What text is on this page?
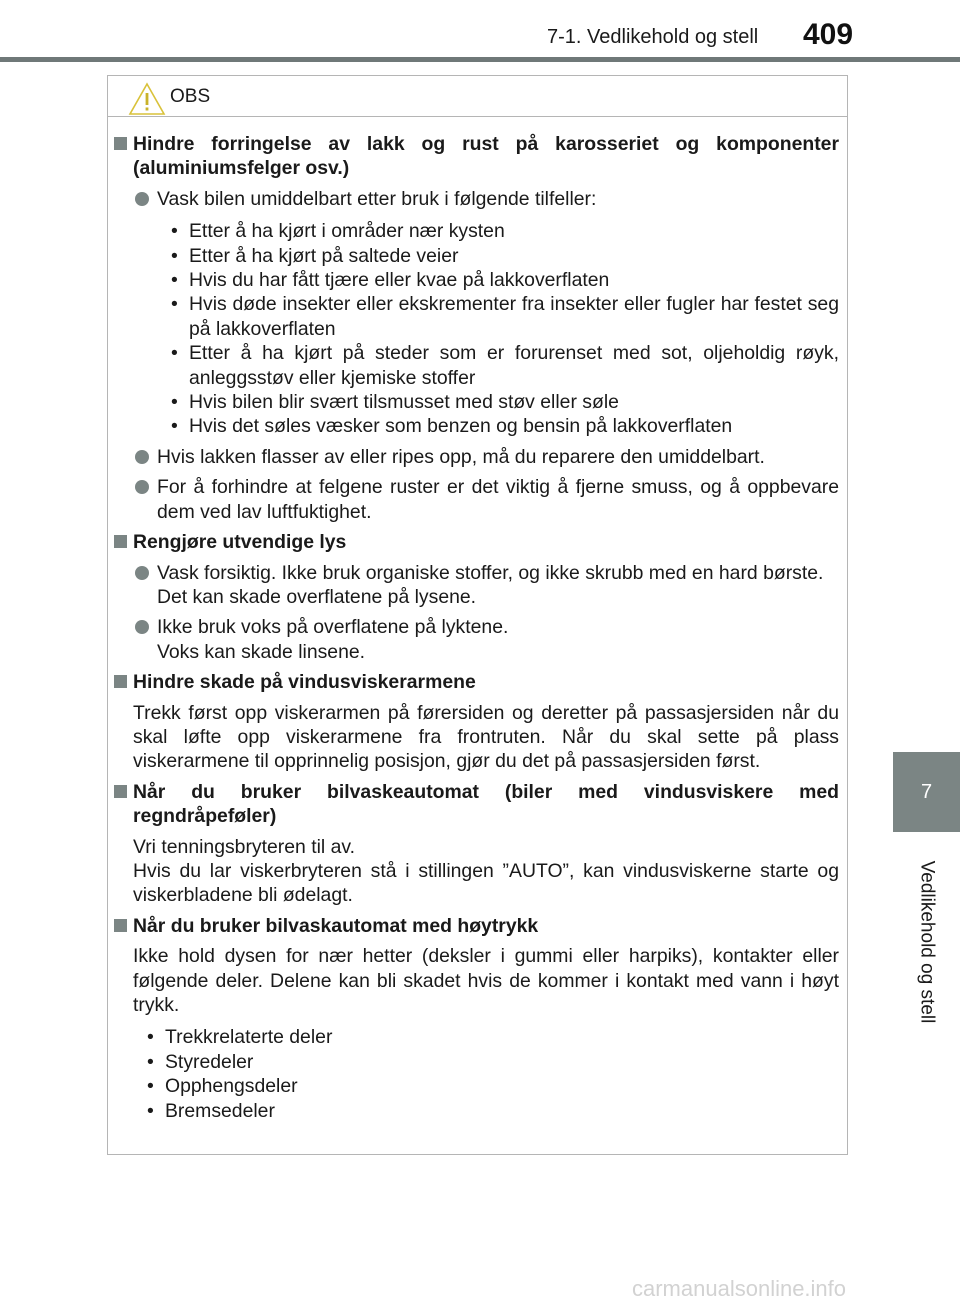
7-1. Vedlikehold og stell 409
7
Vedlikehold og stell
OBS
Hindre forringelse av lakk og rust på karosseriet og komponenter (aluminiumsfelger osv.)
Vask bilen umiddelbart etter bruk i følgende tilfeller:
• Etter å ha kjørt i områder nær kysten
• Etter å ha kjørt på saltede veier
• Hvis du har fått tjære eller kvae på lakkoverflaten
• Hvis døde insekter eller ekskrementer fra insekter eller fugler har festet seg på lakkoverflaten
• Etter å ha kjørt på steder som er forurenset med sot, oljeholdig røyk, anleggsstøv eller kjemiske stoffer
• Hvis bilen blir svært tilsmusset med støv eller søle
• Hvis det søles væsker som benzen og bensin på lakkoverflaten
Hvis lakken flasser av eller ripes opp, må du reparere den umiddelbart.
For å forhindre at felgene ruster er det viktig å fjerne smuss, og å oppbevare dem ved lav luftfuktighet.
Rengjøre utvendige lys
Vask forsiktig. Ikke bruk organiske stoffer, og ikke skrubb med en hard børste.
Det kan skade overflatene på lysene.
Ikke bruk voks på overflatene på lyktene.
Voks kan skade linsene.
Hindre skade på vindusviskerarmene
Trekk først opp viskerarmen på førersiden og deretter på passasjersiden når du skal løfte opp viskerarmene fra frontruten. Når du skal sette på plass viskerarmene til opprinnelig posisjon, gjør du det på passasjersiden først.
Når du bruker bilvaskeautomat (biler med vindusviskere med regndråpeføler)
Vri tenningsbryteren til av.
Hvis du lar viskerbryteren stå i stillingen ”AUTO”, kan vindusviskerne starte og viskerbladene bli ødelagt.
Når du bruker bilvaskautomat med høytrykk
Ikke hold dysen for nær hetter (deksler i gummi eller harpiks), kontakter eller følgende deler. Delene kan bli skadet hvis de kommer i kontakt med vann i høyt trykk.
• Trekkrelaterte deler
• Styredeler
• Opphengsdeler
• Bremsedeler
carmanualsonline.info
